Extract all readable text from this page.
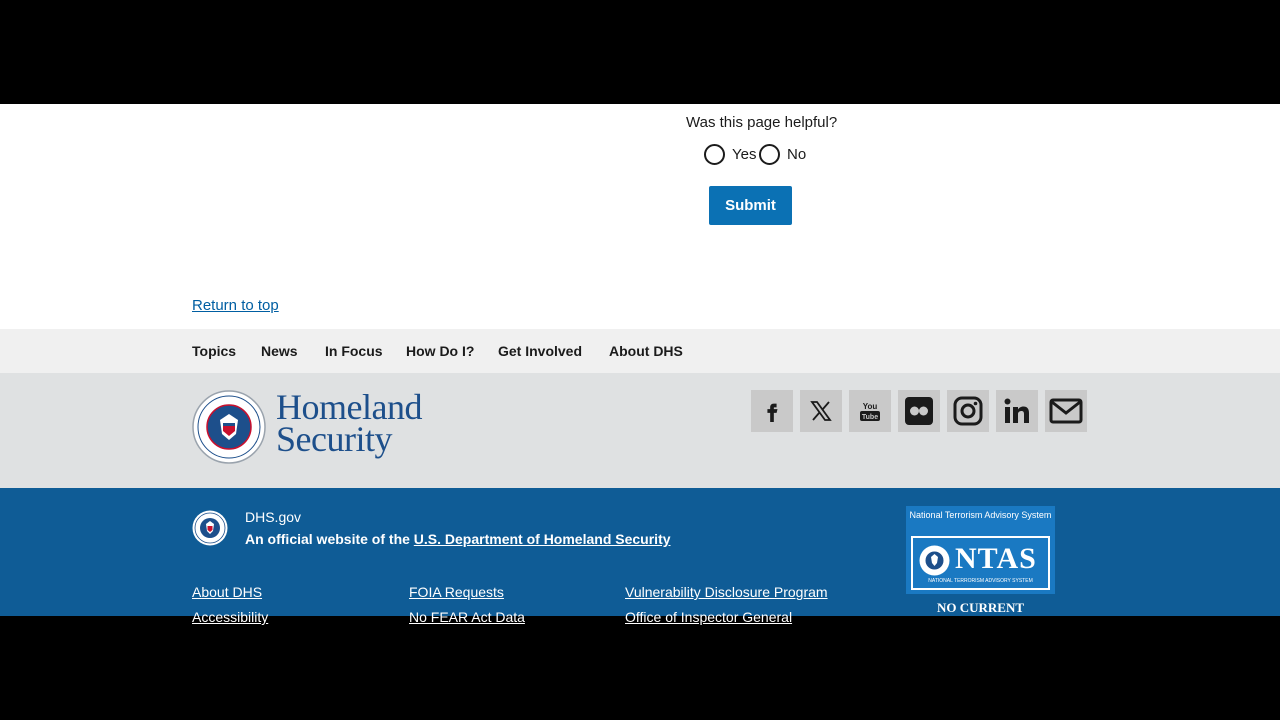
Was this page helpful?
Yes No
Submit
Return to top
Topics News In Focus How Do I? Get Involved About DHS
Homeland
Security
You
Tube
DHS.gov
An official website of the U.S. Department of Homeland Security
About DHS	FOIA Requests	Vulnerability Disclosure Program
Accessibility	No FEAR Act Data	Office of Inspector General
National Terrorism Advisory System
NTAS
NATIONAL TERRORISM ADVISORY SYSTEM
NO CURRENT
